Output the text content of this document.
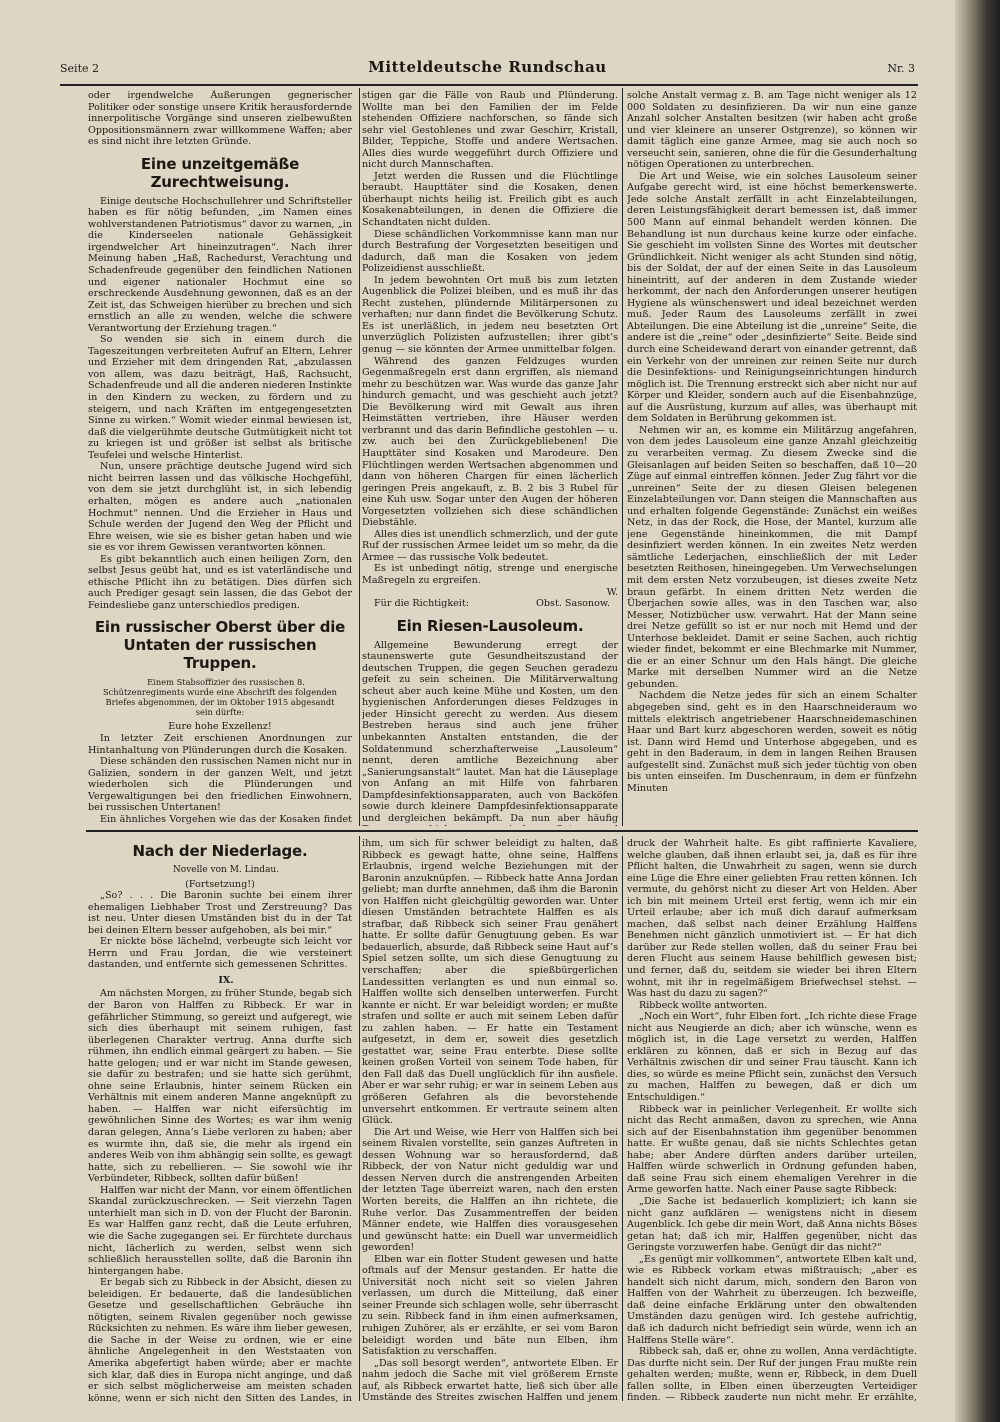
Seite 2	Mitteldeutsche Rundschau	Nr. 3

oder irgendwelche Äußerungen gegnerischer Politiker oder sonstige unsere Kritik herausfordernde innerpolitische Vorgänge sind unseren zielbewußten Oppositionsmännern zwar willkommene Waffen; aber es sind nicht ihre letzten Gründe.

Eine unzeitgemäße Zurechtweisung.

Einige deutsche Hochschullehrer und Schriftsteller haben es für nötig befunden, „im Namen eines wohlverstandenen Patriotismus“ davor zu warnen, „in die Kinderseelen nationale Gehässigkeit irgendwelcher Art hineinzutragen“. Nach ihrer Meinung haben „Haß, Rachedurst, Verachtung und Schadenfreude gegenüber den feindlichen Nationen und eigener nationaler Hochmut eine so erschreckende Ausdehnung gewonnen, daß es an der Zeit ist, das Schweigen hierüber zu brechen und sich ernstlich an alle zu wenden, welche die schwere Verantwortung der Erziehung tragen.“

So wenden sie sich in einem durch die Tageszeitungen verbreiteten Aufruf an Eltern, Lehrer und Erzieher mit dem dringenden Rat, „abzulassen von allem, was dazu beiträgt, Haß, Rachsucht, Schadenfreude und all die anderen niederen Instinkte in den Kindern zu wecken, zu fördern und zu steigern, und nach Kräften im entgegengesetzten Sinne zu wirken.“ Womit wieder einmal bewiesen ist, daß die vielgerühmte deutsche Gutmütigkeit nicht tot zu kriegen ist und größer ist selbst als britische Teufelei und welsche Hinterlist.

Nun, unsere prächtige deutsche Jugend wird sich nicht beirren lassen und das völkische Hochgefühl, von dem sie jetzt durchglüht ist, in sich lebendig erhalten, mögen es andere auch „nationalen Hochmut“ nennen. Und die Erzieher in Haus und Schule werden der Jugend den Weg der Pflicht und Ehre weisen, wie sie es bisher getan haben und wie sie es vor ihrem Gewissen verantworten können.

Es gibt bekanntlich auch einen heiligen Zorn, den selbst Jesus geübt hat, und es ist vaterländische und ethische Pflicht ihn zu betätigen. Dies dürfen sich auch Prediger gesagt sein lassen, die das Gebot der Feindesliebe ganz unterschiedlos predigen.

Ein russischer Oberst über die Untaten der russischen Truppen.

Einem Stabsoffizier des russischen 8. Schützenregiments wurde eine Abschrift des folgenden Briefes abgenommen, der im Oktober 1915 abgesandt sein dürfte:

Eure hohe Exzellenz!

In letzter Zeit erschienen Anordnungen zur Hintanhaltung von Plünderungen durch die Kosaken.

Diese schänden den russischen Namen nicht nur in Galizien, sondern in der ganzen Welt, und jetzt wiederholen sich die Plünderungen und Vergewaltigungen bei den friedlichen Einwohnern, bei russischen Untertanen!

Ein ähnliches Vorgehen wie das der Kosaken findet

stigen gar die Fälle von Raub und Plünderung. Wollte man bei den Familien der im Felde stehenden Offiziere nachforschen, so fände sich sehr viel Gestohlenes und zwar Geschirr, Kristall, Bilder, Teppiche, Stoffe und andere Wertsachen. Alles dies wurde weggeführt durch Offiziere und nicht durch Mannschaften.

Jetzt werden die Russen und die Flüchtlinge beraubt. Haupttäter sind die Kosaken, denen überhaupt nichts heilig ist. Freilich gibt es auch Kosakenabteilungen, in denen die Offiziere die Schandtaten nicht dulden.

Diese schändlichen Vorkommnisse kann man nur durch Bestrafung der Vorgesetzten beseitigen und dadurch, daß man die Kosaken von jedem Polizeidienst ausschließt.

In jedem bewohnten Ort muß bis zum letzten Augenblick die Polizei bleiben, und es muß ihr das Recht zustehen, plündernde Militärpersonen zu verhaften; nur dann findet die Bevölkerung Schutz. Es ist unerläßlich, in jedem neu besetzten Ort unverzüglich Polizisten aufzustellen; ihrer gibt’s genug — sie könnten der Armee unmittelbar folgen.

Während des ganzen Feldzuges wurden Gegenmaßregeln erst dann ergriffen, als niemand mehr zu beschützen war. Was wurde das ganze Jahr hindurch gemacht, und was geschieht auch jetzt? Die Bevölkerung wird mit Gewalt aus ihren Heimstätten vertrieben, ihre Häuser werden verbrannt und das darin Befindliche gestohlen — u. zw. auch bei den Zurückgebliebenen! Die Haupttäter sind Kosaken und Marodeure. Den Flüchtlingen werden Wertsachen abgenommen und dann von höheren Chargen für einen lächerlich geringen Preis angekauft, z. B. 2 bis 3 Rubel für eine Kuh usw. Sogar unter den Augen der höheren Vorgesetzten vollziehen sich diese schändlichen Diebstähle.

Alles dies ist unendlich schmerzlich, und der gute Ruf der russischen Armee leidet um so mehr, da die Armee — das russische Volk bedeutet.

Es ist unbedingt nötig, strenge und energische Maßregeln zu ergreifen.

W.

Für die Richtigkeit:	Obst. Sasonow.
Ein Riesen-Lausoleum.

Allgemeine Bewunderung erregt der staunenswerte gute Gesundheitszustand der deutschen Truppen, die gegen Seuchen geradezu gefeit zu sein scheinen. Die Militärverwaltung scheut aber auch keine Mühe und Kosten, um den hygienischen Anforderungen dieses Feldzuges in jeder Hinsicht gerecht zu werden. Aus diesem Bestreben heraus sind auch jene früher unbekannten Anstalten entstanden, die der Soldatenmund scherzhafterweise „Lausoleum“ nennt, deren amtliche Bezeichnung aber „Sanierungsanstalt“ lautet. Man hat die Läuseplage von Anfang an mit Hilfe von fahrbaren Dampfdesinfektionsapparaten, auch von Backöfen sowie durch kleinere Dampfdesinfektionsapparate und dergleichen bekämpft. Da nun aber häufig

solche Anstalt vermag z. B. am Tage nicht weniger als 12 000 Soldaten zu desinfizieren. Da wir nun eine ganze Anzahl solcher Anstalten besitzen (wir haben acht große und vier kleinere an unserer Ostgrenze), so können wir damit täglich eine ganze Armee, mag sie auch noch so verseucht sein, sanieren, ohne die für die Gesunderhaltung nötigen Operationen zu unterbrechen.

Die Art und Weise, wie ein solches Lausoleum seiner Aufgabe gerecht wird, ist eine höchst bemerkenswerte. Jede solche Anstalt zerfällt in acht Einzelabteilungen, deren Leistungsfähigkeit derart bemessen ist, daß immer 500 Mann auf einmal behandelt werden können. Die Behandlung ist nun durchaus keine kurze oder einfache. Sie geschieht im vollsten Sinne des Wortes mit deutscher Gründlichkeit. Nicht weniger als acht Stunden sind nötig, bis der Soldat, der auf der einen Seite in das Lausoleum hineintritt, auf der anderen in dem Zustande wieder herkommt, der nach den Anforderungen unserer heutigen Hygiene als wünschenswert und ideal bezeichnet werden muß. Jeder Raum des Lausoleums zerfällt in zwei Abteilungen. Die eine Abteilung ist die „unreine“ Seite, die andere ist die „reine“ oder „desinfizierte“ Seite. Beide sind durch eine Scheidewand derart von einander getrennt, daß ein Verkehr von der unreinen zur reinen Seite nur durch die Desinfektions- und Reinigungseinrichtungen hindurch möglich ist. Die Trennung erstreckt sich aber nicht nur auf Körper und Kleider, sondern auch auf die Eisenbahnzüge, auf die Ausrüstung, kurzum auf alles, was überhaupt mit dem Soldaten in Berührung gekommen ist.

Nehmen wir an, es komme ein Militärzug angefahren, von dem jedes Lausoleum eine ganze Anzahl gleichzeitig zu verarbeiten vermag. Zu diesem Zwecke sind die Gleisanlagen auf beiden Seiten so beschaffen, daß 10—20 Züge auf einmal eintreffen können. Jeder Zug fährt vor die „unreinen“ Seite der zu diesen Gleisen belegenen Einzelabteilungen vor. Dann steigen die Mannschaften aus und erhalten folgende Gegenstände: Zunächst ein weißes Netz, in das der Rock, die Hose, der Mantel, kurzum alle jene Gegenstände hineinkommen, die mit Dampf desinfiziert werden können. In ein zweites Netz werden sämtliche Lederjachen, einschließlich der mit Leder besetzten Reithosen, hineingegeben. Um Verwechselungen mit dem ersten Netz vorzubeugen, ist dieses zweite Netz braun gefärbt. In einem dritten Netz werden die Überjachen sowie alles, was in den Taschen war, also Messer, Notizbücher usw. verwahrt. Hat der Mann seine drei Netze gefüllt so ist er nur noch mit Hemd und der Unterhose bekleidet. Damit er seine Sachen, auch richtig wieder findet, bekommt er eine Blechmarke mit Nummer, die er an einer Schnur um den Hals hängt. Die gleiche Marke mit derselben Nummer wird an die Netze gebunden.

Nachdem die Netze jedes für sich an einem Schalter abgegeben sind, geht es in den Haarschneideraum wo mittels elektrisch angetriebener Haarschneidemaschinen Haar und Bart kurz abgeschoren werden, soweit es nötig ist. Dann wird Hemd und Unterhose abgegeben, und es geht in den Baderaum, in dem in langen Reihen Brausen aufgestellt sind. Zunächst muß sich jeder tüchtig von oben bis unten einseifen. Im Duschenraum, in dem er fünfzehn Minuten

Nach der Niederlage.

Novelle von M. Lindau.

(Fortsetzung!)

„So? . . . Die Baronin suchte bei einem ihrer ehemaligen Liebhaber Trost und Zerstreuung? Das ist neu. Unter diesen Umständen bist du in der Tat bei deinen Eltern besser aufgehoben, als bei mir.“

Er nickte böse lächelnd, verbeugte sich leicht vor Herrn und Frau Jordan, die wie versteinert dastanden, und entfernte sich gemessenen Schrittes.

IX.

Am nächsten Morgen, zu früher Stunde, begab sich der Baron von Halffen zu Ribbeck. Er war in gefährlicher Stimmung, so gereizt und aufgeregt, wie sich dies überhaupt mit seinem ruhigen, fast überlegenen Charakter vertrug. Anna durfte sich rühmen, ihn endlich einmal geärgert zu haben. — Sie hatte gelogen; und er war nicht im Stande gewesen, sie dafür zu bestrafen; und sie hatte sich gerühmt, ohne seine Erlaubnis, hinter seinem Rücken ein Verhältnis mit einem anderen Manne angeknüpft zu haben. — Halffen war nicht eifersüchtig im gewöhnlichen Sinne des Wortes; es war ihm wenig daran gelegen, Anna’s Liebe verloren zu haben; aber es wurmte ihn, daß sie, die mehr als irgend ein anderes Weib von ihm abhängig sein sollte, es gewagt hatte, sich zu rebellieren. — Sie sowohl wie ihr Verbündeter, Ribbeck, sollten dafür büßen!

Halffen war nicht der Mann, vor einem öffentlichen Skandal zurückzuschrecken. — Seit vierzehn Tagen unterhielt man sich in D. von der Flucht der Baronin. Es war Halffen ganz recht, daß die Leute erfuhren, wie die Sache zugegangen sei. Er fürchtete durchaus nicht, lächerlich zu werden, selbst wenn sich schließlich herausstellen sollte, daß die Baronin ihn hintergangen habe.

Er begab sich zu Ribbeck in der Absicht, diesen zu beleidigen. Er bedauerte, daß die landesüblichen Gesetze und gesellschaftlichen Gebräuche ihn nötigten, seinem Rivalen gegenüber noch gewisse Rücksichten zu nehmen. Es wäre ihm lieber gewesen, die Sache in der Weise zu ordnen, wie er eine ähnliche Angelegenheit in den Weststaaten von Amerika abgefertigt haben würde; aber er machte sich klar, daß dies in Europa nicht anginge, und daß er sich selbst möglicherweise am meisten schaden könne, wenn er sich nicht den Sitten des Landes, in

ihm, um sich für schwer beleidigt zu halten, daß Ribbeck es gewagt hatte, ohne seine, Halffens Erlaubnis, irgend welche Beziehungen mit der Baronin anzuknüpfen. — Ribbeck hatte Anna Jordan geliebt; man durfte annehmen, daß ihm die Baronin von Halffen nicht gleichgültig geworden war. Unter diesen Umständen betrachtete Halffen es als strafbar, daß Ribbeck sich seiner Frau genähert hatte. Er sollte dafür Genugtuung geben. Es war bedauerlich, absurde, daß Ribbeck seine Haut auf’s Spiel setzen sollte, um sich diese Genugtuung zu verschaffen; aber die spießbürgerlichen Landessitten verlangten es und nun einmal so. Halffen wollte sich denselben unterwerfen. Furcht kannte er nicht. Er war beleidigt worden; er mußte strafen und sollte er auch mit seinem Leben dafür zu zahlen haben. — Er hatte ein Testament aufgesetzt, in dem er, soweit dies gesetzlich gestattet war, seine Frau enterbte. Diese sollte keinen großen Vorteil von seinem Tode haben, für den Fall daß das Duell unglücklich für ihn ausfiele. Aber er war sehr ruhig; er war in seinem Leben aus größeren Gefahren als die bevorstehende unversehrt entkommen. Er vertraute seinem alten Glück.

Die Art und Weise, wie Herr von Halffen sich bei seinem Rivalen vorstellte, sein ganzes Auftreten in dessen Wohnung war so herausfordernd, daß Ribbeck, der von Natur nicht geduldig war und dessen Nerven durch die anstrengenden Arbeiten der letzten Tage überreizt waren, nach den ersten Worten bereits, die Halffen an ihn richtete, die Ruhe verlor. Das Zusammentreffen der beiden Männer endete, wie Halffen dies vorausgesehen und gewünscht hatte: ein Duell war unvermeidlich geworden!

Elben war ein flotter Student gewesen und hatte oftmals auf der Mensur gestanden. Er hatte die Universität noch nicht seit so vielen Jahren verlassen, um durch die Mitteilung, daß einer seiner Freunde sich schlagen wolle, sehr überrascht zu sein. Ribbeck fand in ihm einen aufmerksamen, ruhigen Zuhörer, als er erzählte, er sei vom Baron beleidigt worden und bäte nun Elben, ihm Satisfaktion zu verschaffen.

„Das soll besorgt werden“, antwortete Elben. Er nahm jedoch die Sache mit viel größerem Ernste auf, als Ribbeck erwartet hatte, ließ sich über alle Umstände des Streites zwischen Halffen und jenem

druck der Wahrheit halte. Es gibt raffinierte Kavaliere, welche glauben, daß ihnen erlaubt sei, ja, daß es für ihre Pflicht halten, die Unwahrheit zu sagen, wenn sie durch eine Lüge die Ehre einer geliebten Frau retten können. Ich vermute, du gehörst nicht zu dieser Art von Helden. Aber ich bin mit meinem Urteil erst fertig, wenn ich mir ein Urteil erlaube; aber ich muß dich darauf aufmerksam machen, daß selbst nach deiner Erzählung Halffens Benehmen nicht gänzlich unmotiviert ist. — Er hat dich darüber zur Rede stellen wollen, daß du seiner Frau bei deren Flucht aus seinem Hause behilflich gewesen bist; und ferner, daß du, seitdem sie wieder bei ihren Eltern wohnt, mit ihr in regelmäßigem Briefwechsel stehst. — Was hast du dazu zu sagen?“

Ribbeck wollte antworten.

„Noch ein Wort“, fuhr Elben fort. „Ich richte diese Frage nicht aus Neugierde an dich; aber ich wünsche, wenn es möglich ist, in die Lage versetzt zu werden, Halffen erklären zu können, daß er sich in Bezug auf das Verhältnis zwischen dir und seiner Frau täuscht. Kann ich dies, so würde es meine Pflicht sein, zunächst den Versuch zu machen, Halffen zu bewegen, daß er dich um Entschuldigen.“

Ribbeck war in peinlicher Verlegenheit. Er wollte sich nicht das Recht anmaßen, davon zu sprechen, wie Anna sich auf der Eisenbahnstation ihm gegenüber benommen hatte. Er wußte genau, daß sie nichts Schlechtes getan habe; aber Andere dürften anders darüber urteilen, Halffen würde schwerlich in Ordnung gefunden haben, daß seine Frau sich einem ehemaligen Verehrer in die Arme geworfen hatte. Nach einer Pause sagte Ribbeck:

„Die Sache ist bedauerlich kompliziert; ich kann sie nicht ganz aufklären — wenigstens nicht in diesem Augenblick. Ich gebe dir mein Wort, daß Anna nichts Böses getan hat; daß ich mir, Halffen gegenüber, nicht das Geringste vorzuwerfen habe. Genügt dir das nicht?“

„Es genügt mir vollkommen“, antwortete Elben kalt und, wie es Ribbeck vorkam etwas mißtrauisch; „aber es handelt sich nicht darum, mich, sondern den Baron von Halffen von der Wahrheit zu überzeugen. Ich bezweifle, daß deine einfache Erklärung unter den obwaltenden Umständen dazu genügen wird. Ich gestehe aufrichtig, daß ich dadurch nicht befriedigt sein würde, wenn ich an Halffens Stelle wäre“.

Ribbeck sah, daß er, ohne zu wollen, Anna verdächtigte. Das durfte nicht sein. Der Ruf der jungen Frau mußte rein gehalten werden; mußte, wenn er, Ribbeck, in dem Duell fallen sollte, in Elben einen überzeugten Verteidiger finden. — Ribbeck zauderte nun nicht mehr. Er erzählte,
